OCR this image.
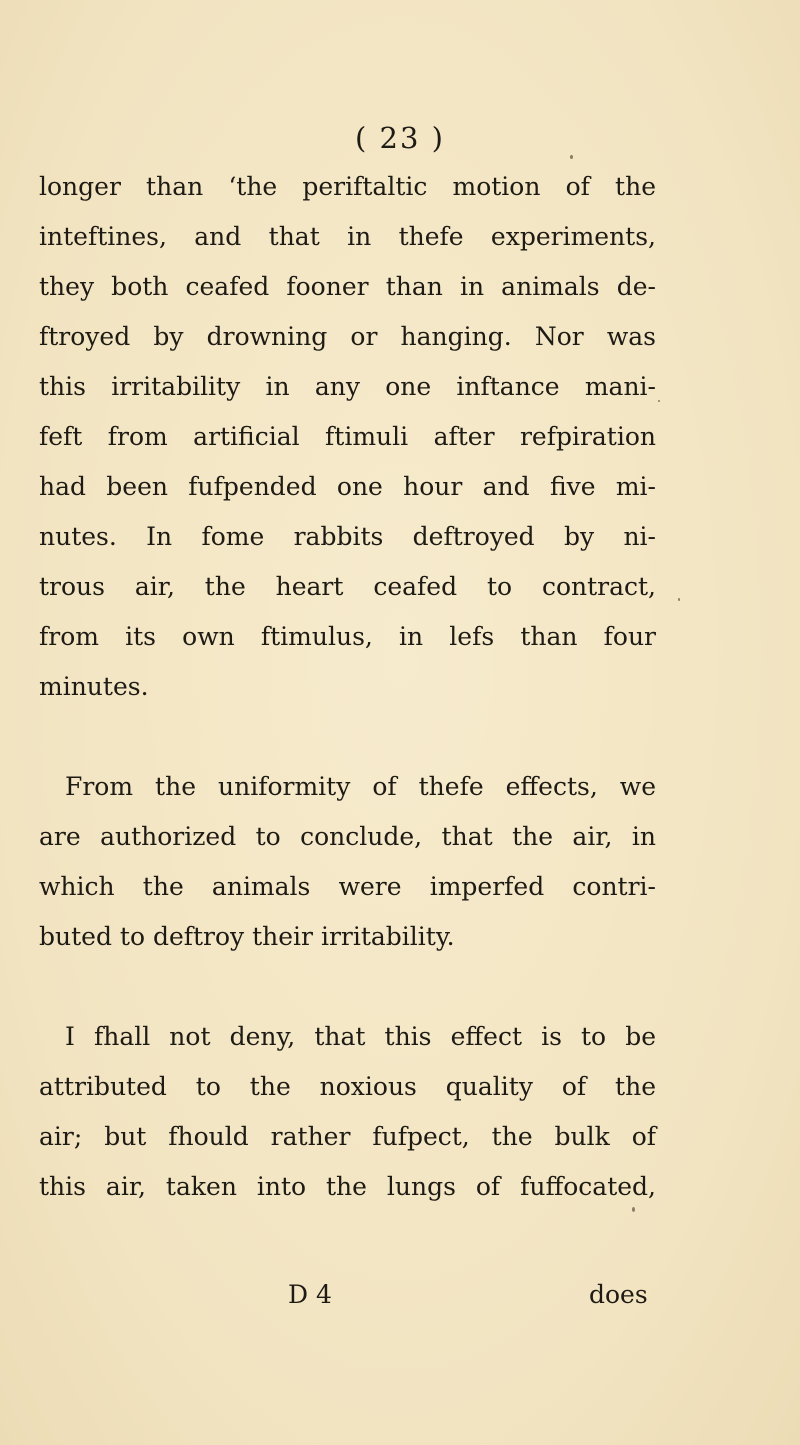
( 23 )
longer than ‘the periftaltic motion of the
inteftines, and that in thefe experiments,
they both ceafed fooner than in animals de-
ftroyed by drowning or hanging. Nor was
this irritability in any one inftance mani-
feft from artificial ftimuli after refpiration
had been fufpended one hour and five mi-
nutes. In fome rabbits deftroyed by ni-
trous air, the heart ceafed to contract,
from its own ftimulus, in lefs than four
minutes.
From the uniformity of thefe effects, we
are authorized to conclude, that the air, in
which the animals were imperfed contri-
buted to deftroy their irritability.
I fhall not deny, that this effect is to be
attributed to the noxious quality of the
air; but fhould rather fufpect, the bulk of
this air, taken into the lungs of fuffocated,
D 4	does
